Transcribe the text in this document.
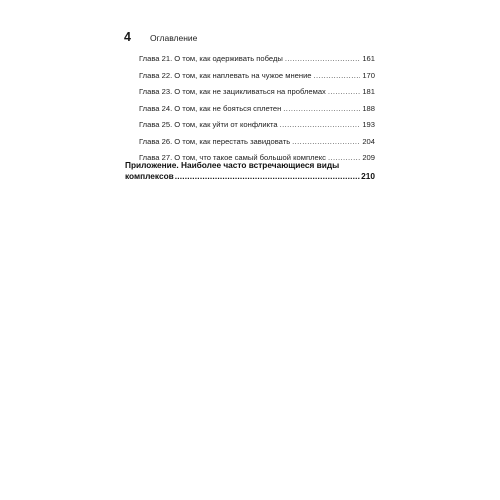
4	Оглавление
Глава 21. О том, как одерживать победы .....	161
Глава 22. О том, как наплевать на чужое мнение .....	170
Глава 23. О том, как не зацикливаться на проблемах .....	181
Глава 24. О том, как не бояться сплетен .....	188
Глава 25. О том, как уйти от конфликта .....	193
Глава 26. О том, как перестать завидовать .....	204
Глава 27. О том, что такое самый большой комплекс .....	209
Приложение. Наиболее часто встречающиеся виды
комплексов .....	210
